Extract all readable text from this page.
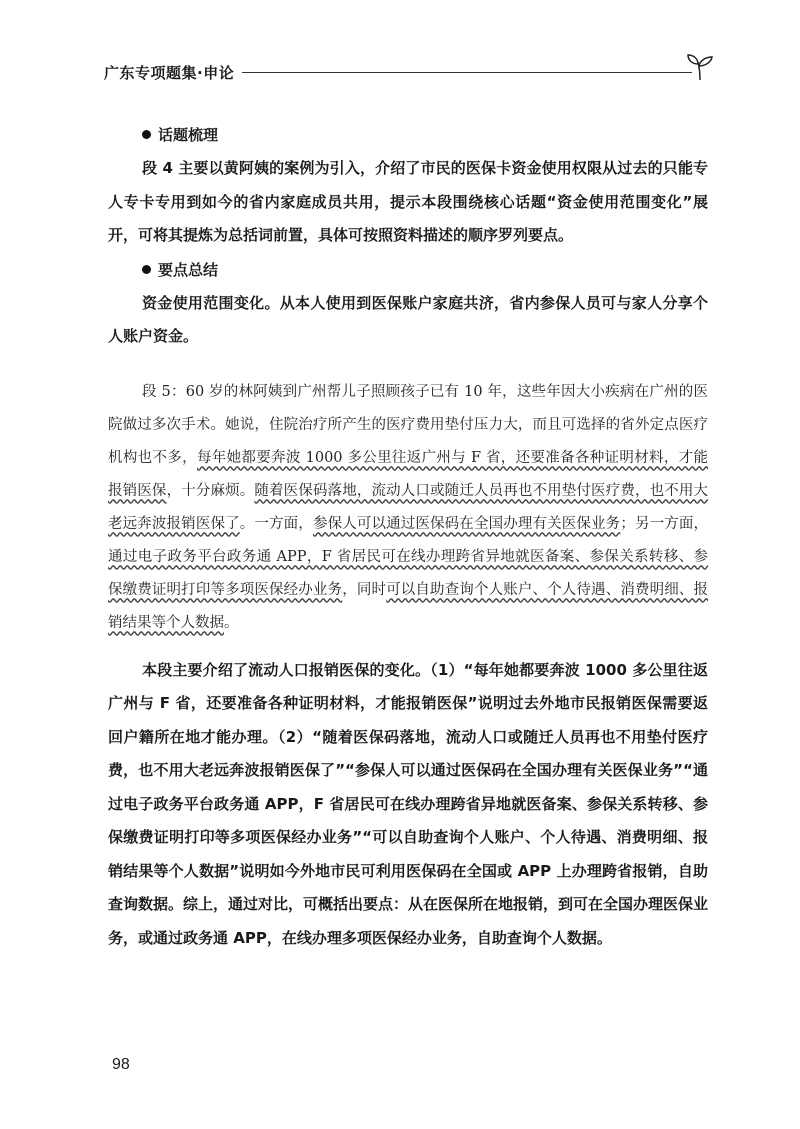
广东专项题集·申论
话题梳理

段 4 主要以黄阿姨的案例为引入，介绍了市民的医保卡资金使用权限从过去的只能专人专卡专用到如今的省内家庭成员共用，提示本段围绕核心话题“资金使用范围变化”展开，可将其提炼为总括词前置，具体可按照资料描述的顺序罗列要点。

要点总结

资金使用范围变化。从本人使用到医保账户家庭共济，省内参保人员可与家人分享个人账户资金。

段 5：60 岁的林阿姨到广州帮儿子照顾孩子已有 10 年，这些年因大小疾病在广州的医院做过多次手术。她说，住院治疗所产生的医疗费用垫付压力大，而且可选择的省外定点医疗机构也不多，每年她都要奔波 1000 多公里往返广州与 F 省，还要准备各种证明材料，才能报销医保，十分麻烦。随着医保码落地，流动人口或随迁人员再也不用垫付医疗费，也不用大老远奔波报销医保了。一方面，参保人可以通过医保码在全国办理有关医保业务；另一方面，通过电子政务平台政务通 APP，F 省居民可在线办理跨省异地就医备案、参保关系转移、参保缴费证明打印等多项医保经办业务，同时可以自助查询个人账户、个人待遇、消费明细、报销结果等个人数据。

本段主要介绍了流动人口报销医保的变化。（1）“每年她都要奔波 1000 多公里往返广州与 F 省，还要准备各种证明材料，才能报销医保”说明过去外地市民报销医保需要返回户籍所在地才能办理。（2）“随着医保码落地，流动人口或随迁人员再也不用垫付医疗费，也不用大老远奔波报销医保了”“参保人可以通过医保码在全国办理有关医保业务”“通过电子政务平台政务通 APP，F 省居民可在线办理跨省异地就医备案、参保关系转移、参保缴费证明打印等多项医保经办业务”“可以自助查询个人账户、个人待遇、消费明细、报销结果等个人数据”说明如今外地市民可利用医保码在全国或 APP 上办理跨省报销，自助查询数据。综上，通过对比，可概括出要点：从在医保所在地报销，到可在全国办理医保业务，或通过政务通 APP，在线办理多项医保经办业务，自助查询个人数据。

98
